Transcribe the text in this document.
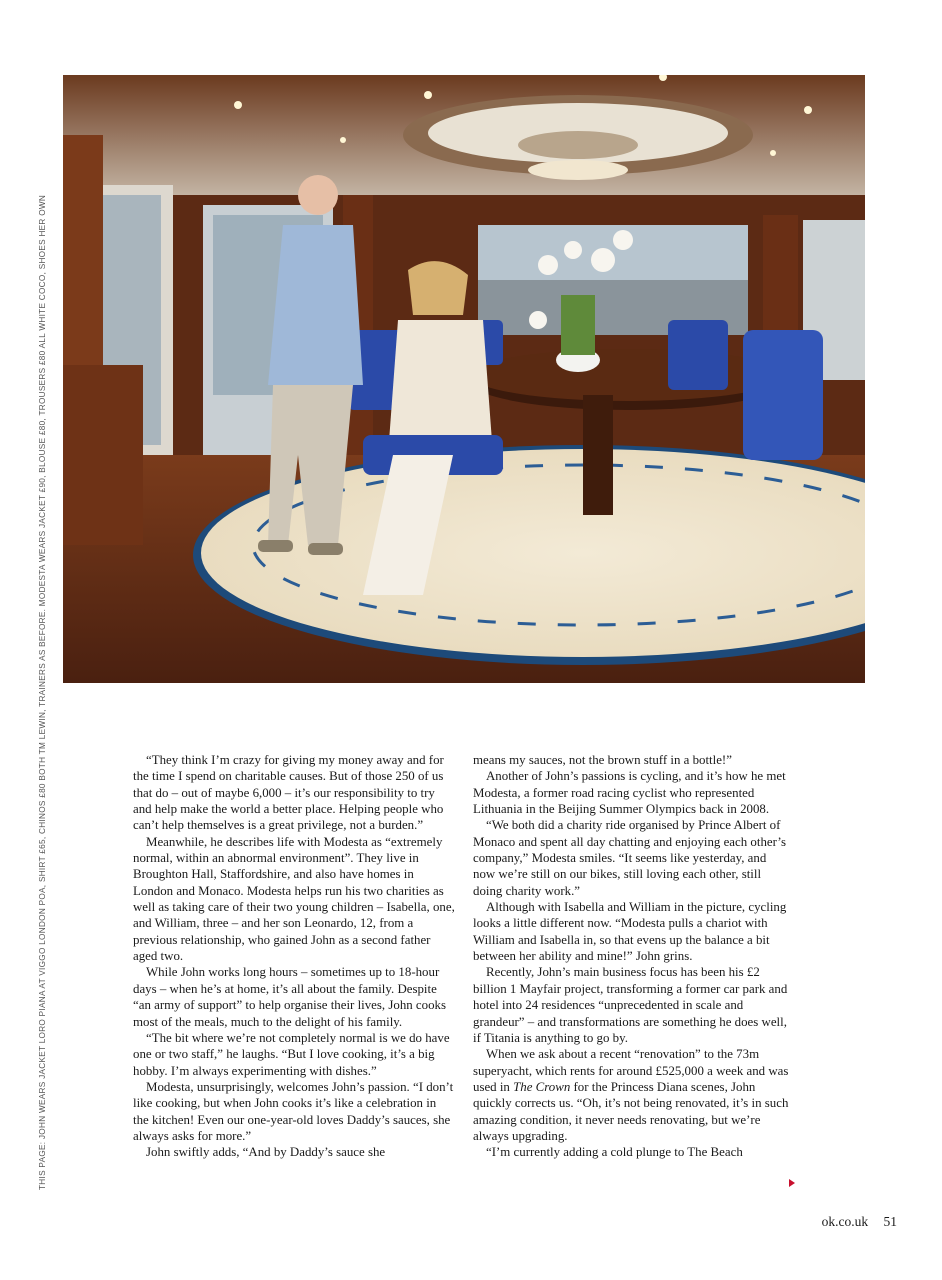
THIS PAGE: JOHN WEARS JACKET LORO PIANA AT VIGGO LONDON POA, SHIRT £65, CHINOS £80 BOTH TM LEWIN, TRAINERS AS BEFORE. MODESTA WEARS JACKET £90, BLOUSE £80, TROUSERS £80 ALL WHITE COCO, SHOES HER OWN	“They think I’m crazy for giving my money away and for the time I spend on charitable causes. But of those 250 of us that do – out of maybe 6,000 – it’s our responsibility to try and help make the world a better place. Helping people who can’t help themselves is a great privilege, not a burden.”

Meanwhile, he describes life with Modesta as “extremely normal, within an abnormal environment”. They live in Broughton Hall, Staffordshire, and also have homes in London and Monaco. Modesta helps run his two charities as well as taking care of their two young children – Isabella, one, and William, three – and her son Leonardo, 12, from a previous relationship, who gained John as a second father aged two.

While John works long hours – sometimes up to 18-hour days – when he’s at home, it’s all about the family. Despite “an army of support” to help organise their lives, John cooks most of the meals, much to the delight of his family.

“The bit where we’re not completely normal is we do have one or two staff,” he laughs. “But I love cooking, it’s a big hobby. I’m always experimenting with dishes.”

Modesta, unsurprisingly, welcomes John’s passion. “I don’t like cooking, but when John cooks it’s like a celebration in the kitchen! Even our one-year-old loves Daddy’s sauces, she always asks for more.”

John swiftly adds, “And by Daddy’s sauce she

means my sauces, not the brown stuff in a bottle!”

Another of John’s passions is cycling, and it’s how he met Modesta, a former road racing cyclist who represented Lithuania in the Beijing Summer Olympics back in 2008.

“We both did a charity ride organised by Prince Albert of Monaco and spent all day chatting and enjoying each other’s company,” Modesta smiles. “It seems like yesterday, and now we’re still on our bikes, still loving each other, still doing charity work.”

Although with Isabella and William in the picture, cycling looks a little different now. “Modesta pulls a chariot with William and Isabella in, so that evens up the balance a bit between her ability and mine!” John grins.

Recently, John’s main business focus has been his £2 billion 1 Mayfair project, transforming a former car park and hotel into 24 residences “unprecedented in scale and grandeur” – and transformations are something he does well, if Titania is anything to go by.

When we ask about a recent “renovation” to the 73m superyacht, which rents for around £525,000 a week and was used in The Crown for the Princess Diana scenes, John quickly corrects us. “Oh, it’s not being renovated, it’s in such amazing condition, it never needs renovating, but we’re always upgrading.

“I’m currently adding a cold plunge to The Beach

ok.co.uk 51
